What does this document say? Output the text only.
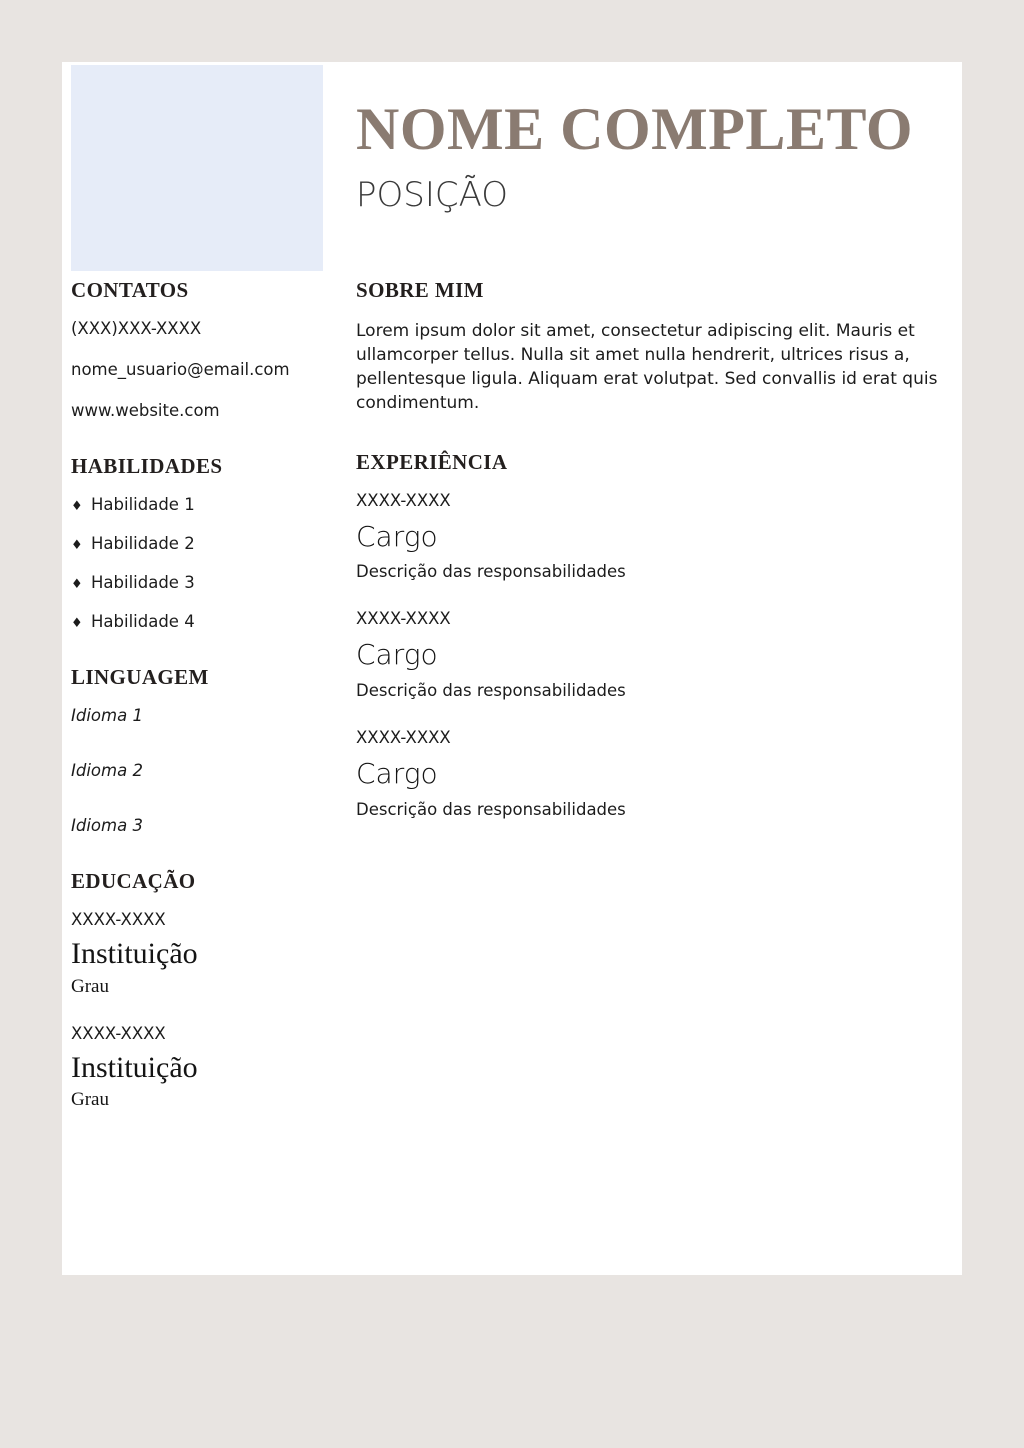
NOME COMPLETO
POSIÇÃO
CONTATOS
(XXX)XXX-XXXX
nome_usuario@email.com
www.website.com
HABILIDADES
♦ Habilidade 1
♦ Habilidade 2
♦ Habilidade 3
♦ Habilidade 4
LINGUAGEM
Idioma 1
Idioma 2
Idioma 3
EDUCAÇÃO
XXXX-XXXX
Instituição
Grau
XXXX-XXXX
Instituição
Grau
SOBRE MIM

Lorem ipsum dolor sit amet, consectetur adipiscing elit. Mauris et ullamcorper tellus. Nulla sit amet nulla hendrerit, ultrices risus a, pellentesque ligula. Aliquam erat volutpat. Sed convallis id erat quis condimentum.

EXPERIÊNCIA
XXXX-XXXX
Cargo
Descrição das responsabilidades
XXXX-XXXX
Cargo
Descrição das responsabilidades
XXXX-XXXX
Cargo
Descrição das responsabilidades
